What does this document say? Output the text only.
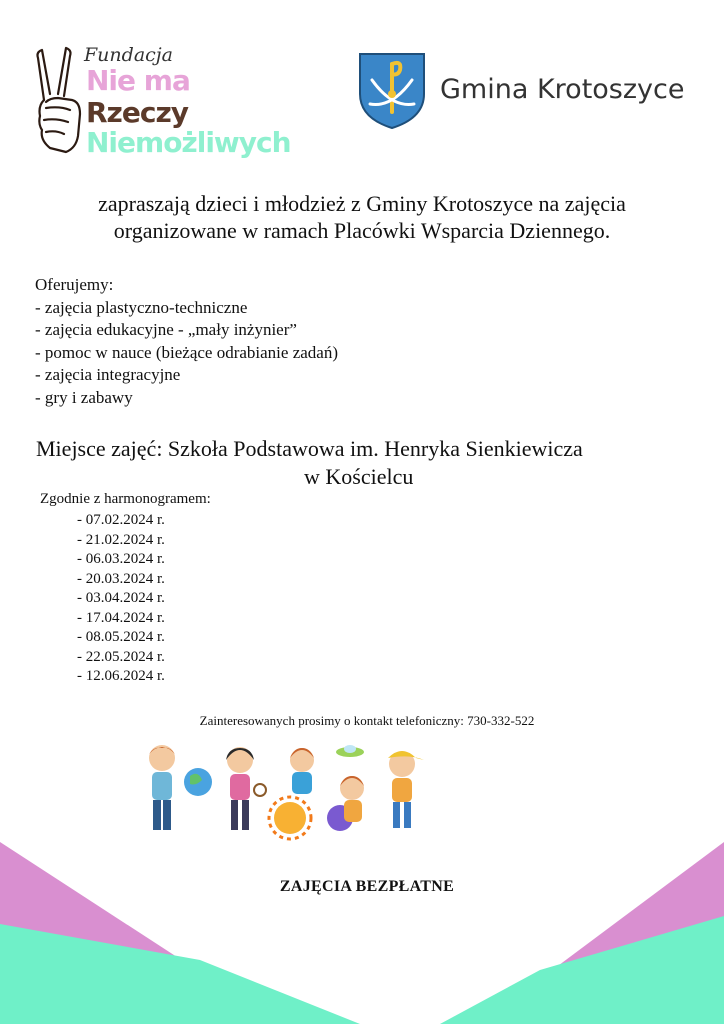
Fundacja
Nie ma
Rzeczy
Niemożliwych
Gmina Krotoszyce
zapraszają dzieci i młodzież z Gminy Krotoszyce na zajęcia
organizowane w ramach Placówki Wsparcia Dziennego.
Oferujemy:
- zajęcia plastyczno-techniczne
- zajęcia edukacyjne - „mały inżynier”
- pomoc w nauce (bieżące odrabianie zadań)
- zajęcia integracyjne
- gry i zabawy
Miejsce zajęć: Szkoła Podstawowa im. Henryka Sienkiewicza
w Kościelcu
Zgodnie z harmonogramem:
- 07.02.2024 r.
- 21.02.2024 r.
- 06.03.2024 r.
- 20.03.2024 r.
- 03.04.2024 r.
- 17.04.2024 r.
- 08.05.2024 r.
- 22.05.2024 r.
- 12.06.2024 r.
Zainteresowanych prosimy o kontakt telefoniczny: 730-332-522
ZAJĘCIA BEZPŁATNE
